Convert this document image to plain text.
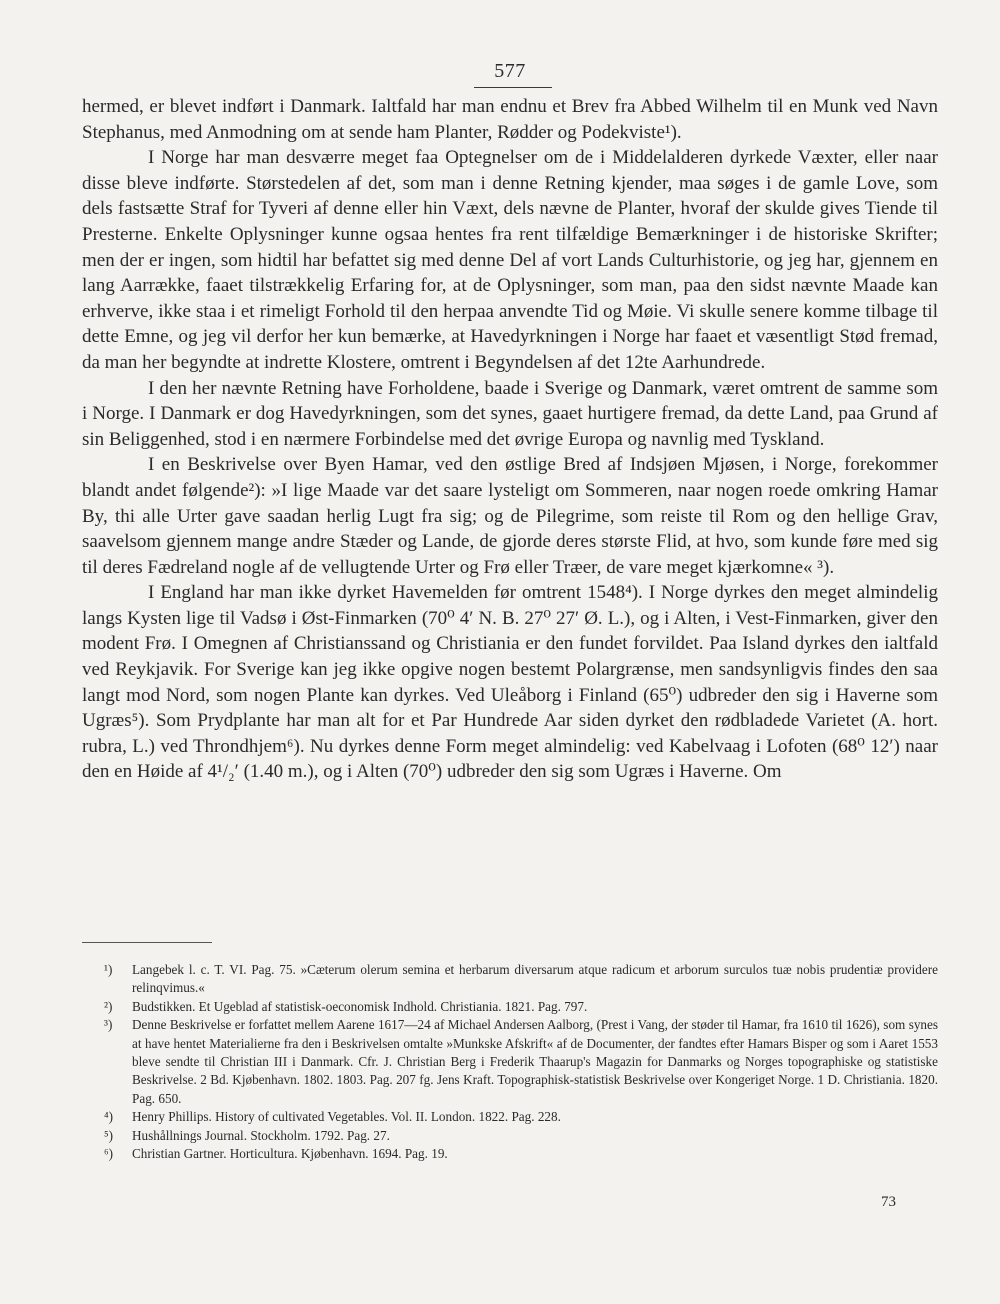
577

hermed, er blevet indført i Danmark. Ialtfald har man endnu et Brev fra Abbed Wilhelm til en Munk ved Navn Stephanus, med Anmodning om at sende ham Planter, Rødder og Podekviste¹).

I Norge har man desværre meget faa Optegnelser om de i Middelalderen dyrkede Væxter, eller naar disse bleve indførte. Størstedelen af det, som man i denne Retning kjender, maa søges i de gamle Love, som dels fastsætte Straf for Tyveri af denne eller hin Væxt, dels nævne de Planter, hvoraf der skulde gives Tiende til Presterne. Enkelte Oplysninger kunne ogsaa hentes fra rent tilfældige Bemærkninger i de historiske Skrifter; men der er ingen, som hidtil har befattet sig med denne Del af vort Lands Culturhistorie, og jeg har, gjennem en lang Aarrække, faaet tilstrækkelig Erfaring for, at de Oplysninger, som man, paa den sidst nævnte Maade kan erhverve, ikke staa i et rimeligt Forhold til den herpaa anvendte Tid og Møie. Vi skulle senere komme tilbage til dette Emne, og jeg vil derfor her kun bemærke, at Havedyrkningen i Norge har faaet et væsentligt Stød fremad, da man her begyndte at indrette Klostere, omtrent i Begyndelsen af det 12te Aarhundrede.

I den her nævnte Retning have Forholdene, baade i Sverige og Danmark, været omtrent de samme som i Norge. I Danmark er dog Havedyrkningen, som det synes, gaaet hurtigere fremad, da dette Land, paa Grund af sin Beliggenhed, stod i en nærmere Forbindelse med det øvrige Europa og navnlig med Tyskland.

I en Beskrivelse over Byen Hamar, ved den østlige Bred af Indsjøen Mjøsen, i Norge, forekommer blandt andet følgende²): »I lige Maade var det saare lysteligt om Sommeren, naar nogen roede omkring Hamar By, thi alle Urter gave saadan herlig Lugt fra sig; og de Pilegrime, som reiste til Rom og den hellige Grav, saavelsom gjennem mange andre Stæder og Lande, de gjorde deres største Flid, at hvo, som kunde føre med sig til deres Fædreland nogle af de vellugtende Urter og Frø eller Træer, de vare meget kjærkomne« ³).

I England har man ikke dyrket Havemelden før omtrent 1548⁴). I Norge dyrkes den meget almindelig langs Kysten lige til Vadsø i Øst-Finmarken (70⁰ 4′ N. B. 27⁰ 27′ Ø. L.), og i Alten, i Vest-Finmarken, giver den modent Frø. I Omegnen af Christianssand og Christiania er den fundet forvildet. Paa Island dyrkes den ialtfald ved Reykjavik. For Sverige kan jeg ikke opgive nogen bestemt Polargrænse, men sandsynligvis findes den saa langt mod Nord, som nogen Plante kan dyrkes. Ved Uleåborg i Finland (65⁰) udbreder den sig i Haverne som Ugræs⁵). Som Prydplante har man alt for et Par Hundrede Aar siden dyrket den rødbladede Varietet (A. hort. rubra, L.) ved Throndhjem⁶). Nu dyrkes denne Form meget almindelig: ved Kabelvaag i Lofoten (68⁰ 12′) naar den en Høide af 4¹/₂′ (1.40 m.), og i Alten (70⁰) udbreder den sig som Ugræs i Haverne. Om

¹) Langebek l. c. T. VI. Pag. 75. »Cæterum olerum semina et herbarum diversarum atque radicum et arborum surculos tuæ nobis prudentiæ providere relinqvimus.«
²) Budstikken. Et Ugeblad af statistisk-oeconomisk Indhold. Christiania. 1821. Pag. 797.
³) Denne Beskrivelse er forfattet mellem Aarene 1617—24 af Michael Andersen Aalborg, (Prest i Vang, der støder til Hamar, fra 1610 til 1626), som synes at have hentet Materialierne fra den i Beskrivelsen omtalte »Munkske Afskrift« af de Documenter, der fandtes efter Hamars Bisper og som i Aaret 1553 bleve sendte til Christian III i Danmark. Cfr. J. Christian Berg i Frederik Thaarup's Magazin for Danmarks og Norges topographiske og statistiske Beskrivelse. 2 Bd. Kjøbenhavn. 1802. 1803. Pag. 207 fg. Jens Kraft. Topographisk-statistisk Beskrivelse over Kongeriget Norge. 1 D. Christiania. 1820. Pag. 650.
⁴) Henry Phillips. History of cultivated Vegetables. Vol. II. London. 1822. Pag. 228.
⁵) Hushållnings Journal. Stockholm. 1792. Pag. 27.
⁶) Christian Gartner. Horticultura. Kjøbenhavn. 1694. Pag. 19.
73
